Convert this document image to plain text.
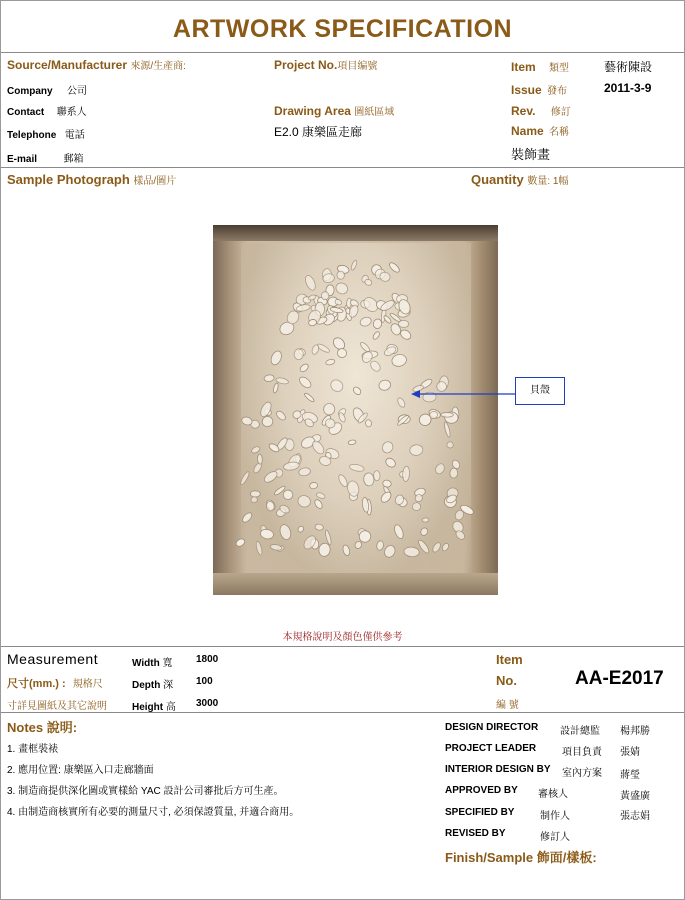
ARTWORK SPECIFICATION
Source/Manufacturer 來源/生產商:
Company 公司
Contact 聯系人
Telephone 電話
E-mail	郵箱
Project No.項目编號
Drawing Area 圖紙區域
E2.0 康樂區走廊
Item 類型	藝術陳設
Issue 發布	2011-3-9
Rev. 修訂
Name 名稱
裝飾畫
Sample Photograph 樣品/圖片	Quantity 數量: 1幅
貝殼
本規格說明及顏色僅供參考
Measurement
尺寸(mm.) : 規格尺
寸詳見圖紙及其它說明
Width 寬 1800
Depth 深 100
Height 高 3000
Item
No.
編 號
AA-E2017
Notes 說明:
1. 畫框裝裱
2. 應用位置: 康樂區入口走廊牆面
3. 制造商提供深化圖或實樣給 YAC 設計公司審批后方可生產。
4. 由制造商核實所有必要的測量尺寸, 必須保證質量, 并適合商用。
DESIGN DIRECTOR 設計總監 楊邦勝
PROJECT LEADER	項目負責 張婧
INTERIOR DESIGN BY 室內方案 蔣瑩
APPROVED BY 審核人	黃盛廣
SPECIFIED BY	制作人	張志娟
REVISED BY	修訂人
Finish/Sample 飾面/樣板:
